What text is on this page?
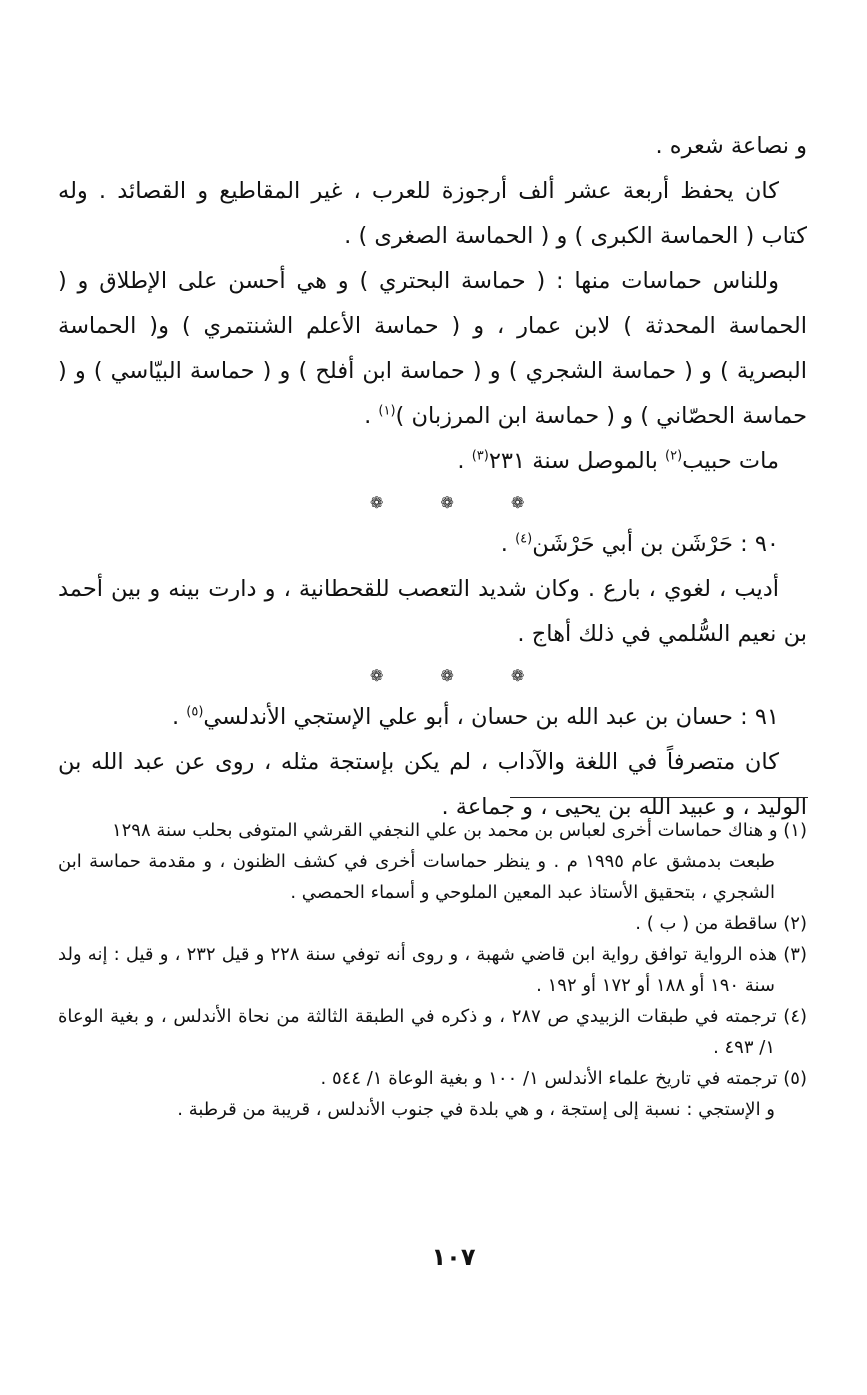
و نصاعة شعره .

كان يحفظ أربعة عشر ألف أرجوزة للعرب ، غير المقاطيع و القصائد . وله كتاب ( الحماسة الكبرى ) و ( الحماسة الصغرى ) .

وللناس حماسات منها : ( حماسة البحتري ) و هي أحسن على الإطلاق و ( الحماسة المحدثة ) لابن عمار ، و ( حماسة الأعلم الشنتمري ) و( الحماسة البصرية ) و ( حماسة الشجري ) و ( حماسة ابن أفلح ) و ( حماسة البيّاسي ) و ( حماسة الحصّاني ) و ( حماسة ابن المرزبان )$^{(١)}$ .

مات حبيب$^{(٢)}$ بالموصل سنة ٢٣١$^{(٣)}$ .

❁ ❁ ❁

٩٠ : حَرْشَن بن أبي حَرْشَن$^{(٤)}$ .

أديب ، لغوي ، بارع . وكان شديد التعصب للقحطانية ، و دارت بينه و بين أحمد بن نعيم السُّلمي في ذلك أهاج .

❁ ❁ ❁

٩١ : حسان بن عبد الله بن حسان ، أبو علي الإستجي الأندلسي$^{(٥)}$ .

كان متصرفاً في اللغة والآداب ، لم يكن بإستجة مثله ، روى عن عبد الله بن الوليد ، و عبيد الله بن يحيى ، و جماعة .

(١) و هناك حماسات أخرى لعباس بن محمد بن علي النجفي القرشي المتوفى بحلب سنة ١٢٩٨

طبعت بدمشق عام ١٩٩٥ م . و ينظر حماسات أخرى في كشف الظنون ، و مقدمة حماسة ابن الشجري ، بتحقيق الأستاذ عبد المعين الملوحي و أسماء الحمصي .

(٢) ساقطة من ( ب ) .

(٣) هذه الرواية توافق رواية ابن قاضي شهبة ، و روى أنه توفي سنة ٢٢٨ و قيل ٢٣٢ ، و قيل : إنه ولد سنة ١٩٠ أو ١٨٨ أو ١٧٢ أو ١٩٢ .

(٤) ترجمته في طبقات الزبيدي ص ٢٨٧ ، و ذكره في الطبقة الثالثة من نحاة الأندلس ، و بغية الوعاة ١/ ٤٩٣ .

(٥) ترجمته في تاريخ علماء الأندلس ١/ ١٠٠ و بغية الوعاة ١/ ٥٤٤ .

و الإستجي : نسبة إلى إستجة ، و هي بلدة في جنوب الأندلس ، قريبة من قرطبة .

١٠٧
